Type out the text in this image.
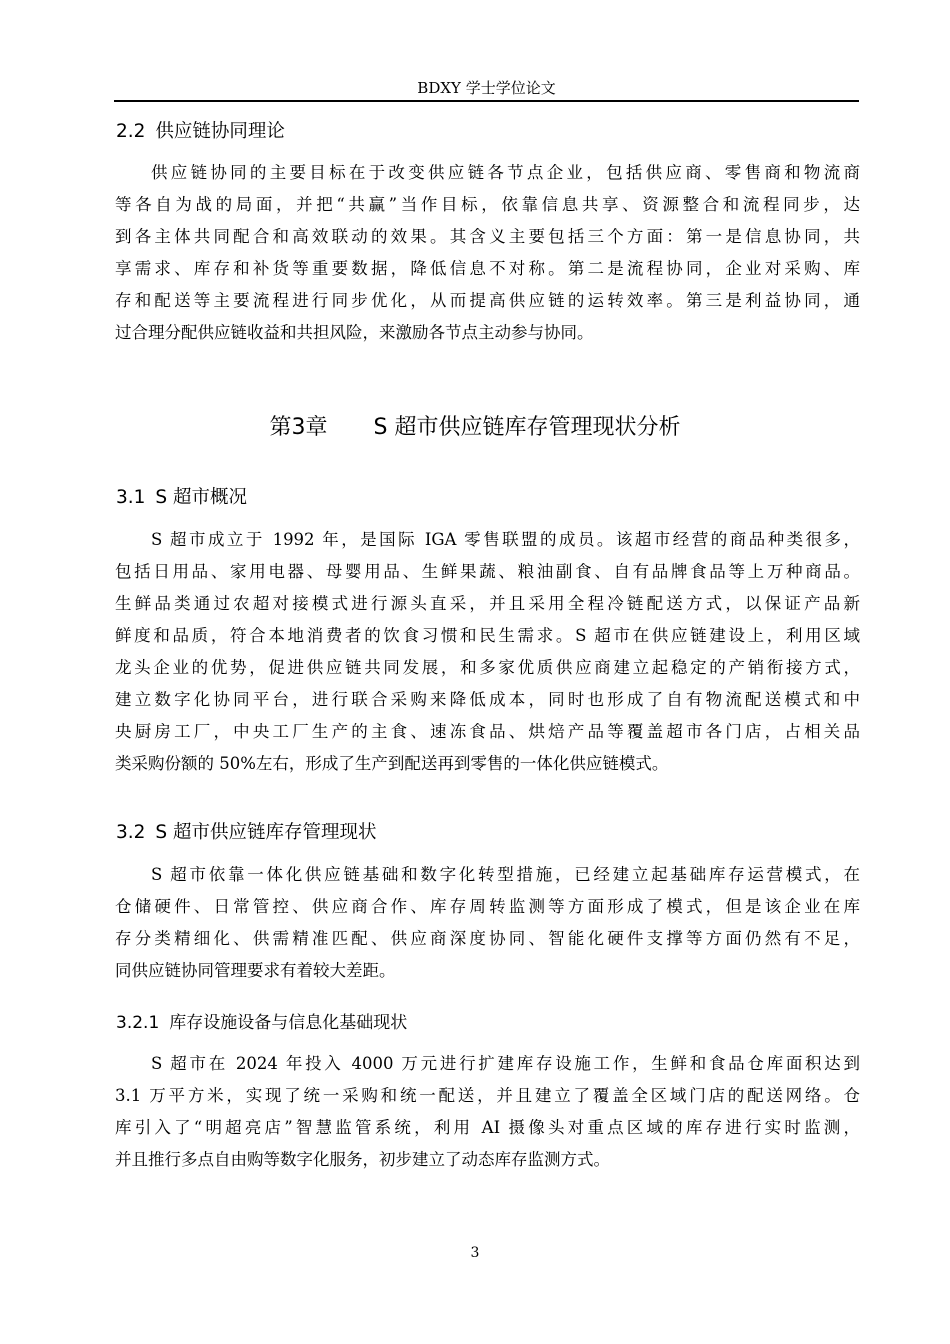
BDXY 学士学位论文
2.2 供应链协同理论
供应链协同的主要目标在于改变供应链各节点企业，包括供应商、零售商和物流商
等各自为战的局面，并把“共赢”当作目标，依靠信息共享、资源整合和流程同步，达
到各主体共同配合和高效联动的效果。其含义主要包括三个方面：第一是信息协同，共
享需求、库存和补货等重要数据，降低信息不对称。第二是流程协同，企业对采购、库
存和配送等主要流程进行同步优化，从而提高供应链的运转效率。第三是利益协同，通
过合理分配供应链收益和共担风险，来激励各节点主动参与协同。
第3章 S 超市供应链库存管理现状分析
3.1 S 超市概况
S 超市成立于 1992 年，是国际 IGA 零售联盟的成员。该超市经营的商品种类很多，
包括日用品、家用电器、母婴用品、生鲜果蔬、粮油副食、自有品牌食品等上万种商品。
生鲜品类通过农超对接模式进行源头直采，并且采用全程冷链配送方式，以保证产品新
鲜度和品质，符合本地消费者的饮食习惯和民生需求。S 超市在供应链建设上，利用区域
龙头企业的优势，促进供应链共同发展，和多家优质供应商建立起稳定的产销衔接方式，
建立数字化协同平台，进行联合采购来降低成本，同时也形成了自有物流配送模式和中
央厨房工厂，中央工厂生产的主食、速冻食品、烘焙产品等覆盖超市各门店，占相关品
类采购份额的 50%左右，形成了生产到配送再到零售的一体化供应链模式。
3.2 S 超市供应链库存管理现状
S 超市依靠一体化供应链基础和数字化转型措施，已经建立起基础库存运营模式，在
仓储硬件、日常管控、供应商合作、库存周转监测等方面形成了模式，但是该企业在库
存分类精细化、供需精准匹配、供应商深度协同、智能化硬件支撑等方面仍然有不足，
同供应链协同管理要求有着较大差距。
3.2.1 库存设施设备与信息化基础现状
S 超市在 2024 年投入 4000 万元进行扩建库存设施工作，生鲜和食品仓库面积达到
3.1 万平方米，实现了统一采购和统一配送，并且建立了覆盖全区域门店的配送网络。仓
库引入了“明超亮店”智慧监管系统，利用 AI 摄像头对重点区域的库存进行实时监测，
并且推行多点自由购等数字化服务，初步建立了动态库存监测方式。
3
